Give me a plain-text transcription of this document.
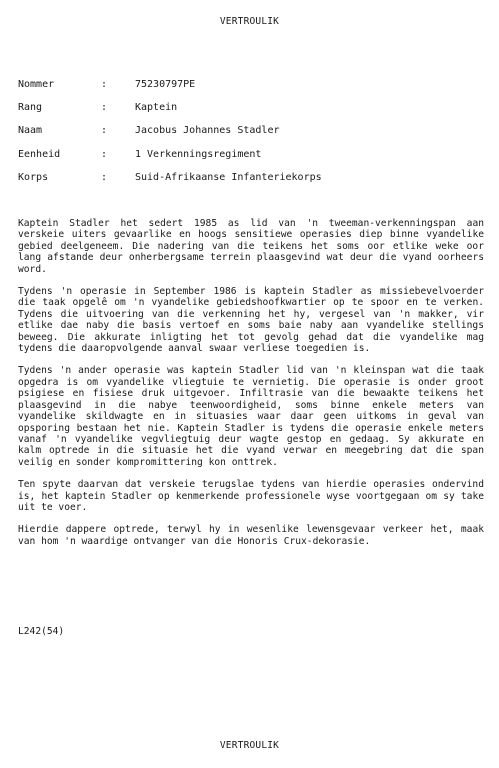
VERTROULIK
Nommer	:	75230797PE
Rang	:	Kaptein
Naam	:	Jacobus Johannes Stadler
Eenheid	:	1 Verkenningsregiment
Korps	:	Suid-Afrikaanse Infanteriekorps

Kaptein Stadler het sedert 1985 as lid van 'n tweeman-verkenningspan aan verskeie uiters gevaarlike en hoogs sensitiewe operasies diep binne vyandelike gebied deelgeneem. Die nadering van die teikens het soms oor etlike weke oor lang afstande deur onherbergsame terrein plaasgevind wat deur die vyand oorheers word.

Tydens 'n operasie in September 1986 is kaptein Stadler as missiebevelvoerder die taak opgelê om 'n vyandelike gebiedshoofkwartier op te spoor en te verken. Tydens die uitvoering van die verkenning het hy, vergesel van 'n makker, vir etlike dae naby die basis vertoef en soms baie naby aan vyandelike stellings beweeg. Die akkurate inligting het tot gevolg gehad dat die vyandelike mag tydens die daaropvolgende aanval swaar verliese toegedien is.

Tydens 'n ander operasie was kaptein Stadler lid van 'n kleinspan wat die taak opgedra is om vyandelike vliegtuie te vernietig. Die operasie is onder groot psigiese en fisiese druk uitgevoer. Infiltrasie van die bewaakte teikens het plaasgevind in die nabye teenwoordigheid, soms binne enkele meters van vyandelike skildwagte en in situasies waar daar geen uitkoms in geval van opsporing bestaan het nie. Kaptein Stadler is tydens die operasie enkele meters vanaf 'n vyandelike vegvliegtuig deur wagte gestop en gedaag. Sy akkurate en kalm optrede in die situasie het die vyand verwar en meegebring dat die span veilig en sonder kompromittering kon onttrek.

Ten spyte daarvan dat verskeie terugslae tydens van hierdie operasies ondervind is, het kaptein Stadler op kenmerkende professionele wyse voortgegaan om sy take uit te voer.

Hierdie dappere optrede, terwyl hy in wesenlike lewensgevaar verkeer het, maak van hom 'n waardige ontvanger van die Honoris Crux-dekorasie.

L242(54)
VERTROULIK
